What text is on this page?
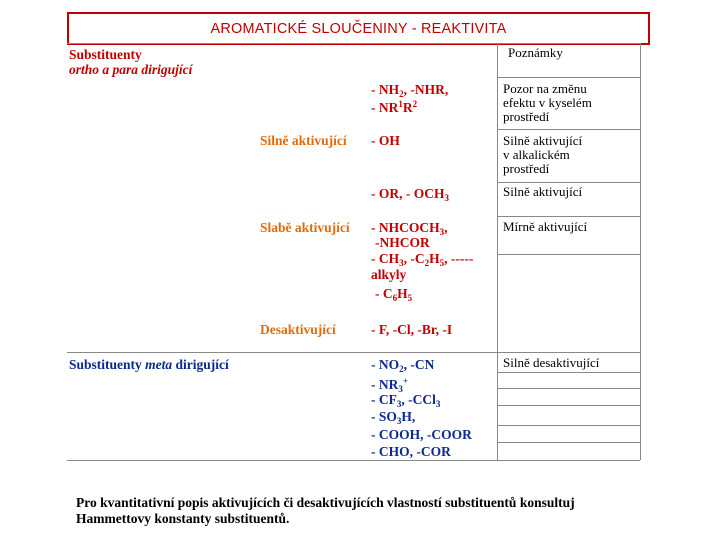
AROMATICKÉ SLOUČENINY - REAKTIVITA
Substituenty
ortho a para dirigující
Poznámky
Silně aktivující
Slabě aktivující
Desaktivující
- $NH_2$, -NHR,
- $NR^1R^2$
- OH
- OR, - $OCH_3$
- $NHCOCH_3$,
-NHCOR
- $CH_3$, $-C_2H_5$, -----
alkyly
- $C_6H_5$
- F, -Cl, -Br, -I
Pozor na změnu
efektu v kyselém
prostředí
Silně aktivující
v alkalickém
prostředí
Silně aktivující
Mírně aktivující
Silně desaktivující
Substituenty meta dirigující	- $NO_2$, -CN
- $NR_3^+$
- $CF_3$, -CCl$_3$
- $SO_3H$,
- COOH, -COOR
- CHO, -COR
Pro kvantitativní popis aktivujících či desaktivujících vlastností substituentů konsultuj
Hammettovy konstanty substituentů.
